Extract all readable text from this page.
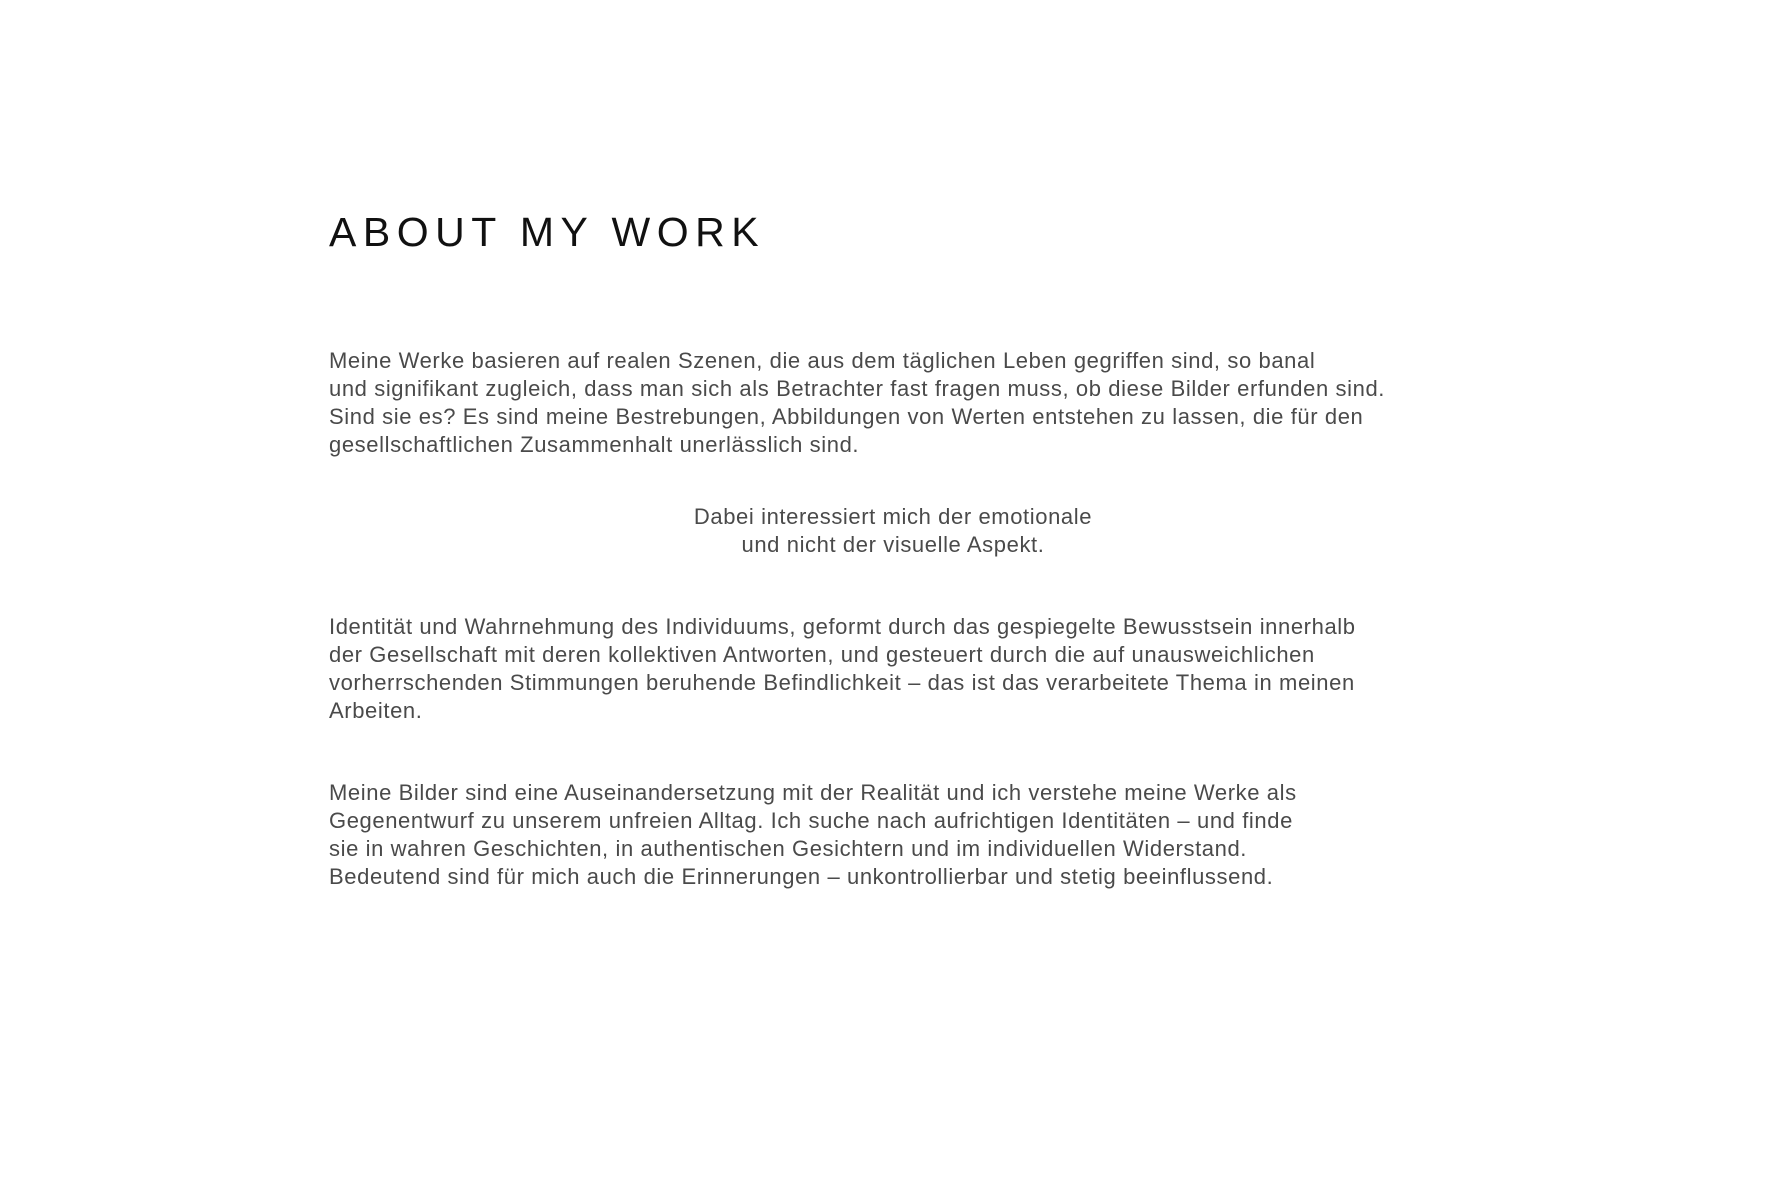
ABOUT MY WORK

Meine Werke basieren auf realen Szenen, die aus dem täglichen Leben gegriffen sind, so banal
und signifikant zugleich, dass man sich als Betrachter fast fragen muss, ob diese Bilder erfunden sind.
Sind sie es? Es sind meine Bestrebungen, Abbildungen von Werten entstehen zu lassen, die für den
gesellschaftlichen Zusammenhalt unerlässlich sind.

Dabei interessiert mich der emotionale
und nicht der visuelle Aspekt.

Identität und Wahrnehmung des Individuums, geformt durch das gespiegelte Bewusstsein innerhalb
der Gesellschaft mit deren kollektiven Antworten, und gesteuert durch die auf unausweichlichen
vorherrschenden Stimmungen beruhende Befindlichkeit – das ist das verarbeitete Thema in meinen
Arbeiten.

Meine Bilder sind eine Auseinandersetzung mit der Realität und ich verstehe meine Werke als
Gegenentwurf zu unserem unfreien Alltag. Ich suche nach aufrichtigen Identitäten – und finde
sie in wahren Geschichten, in authentischen Gesichtern und im individuellen Widerstand.
Bedeutend sind für mich auch die Erinnerungen – unkontrollierbar und stetig beeinflussend.
